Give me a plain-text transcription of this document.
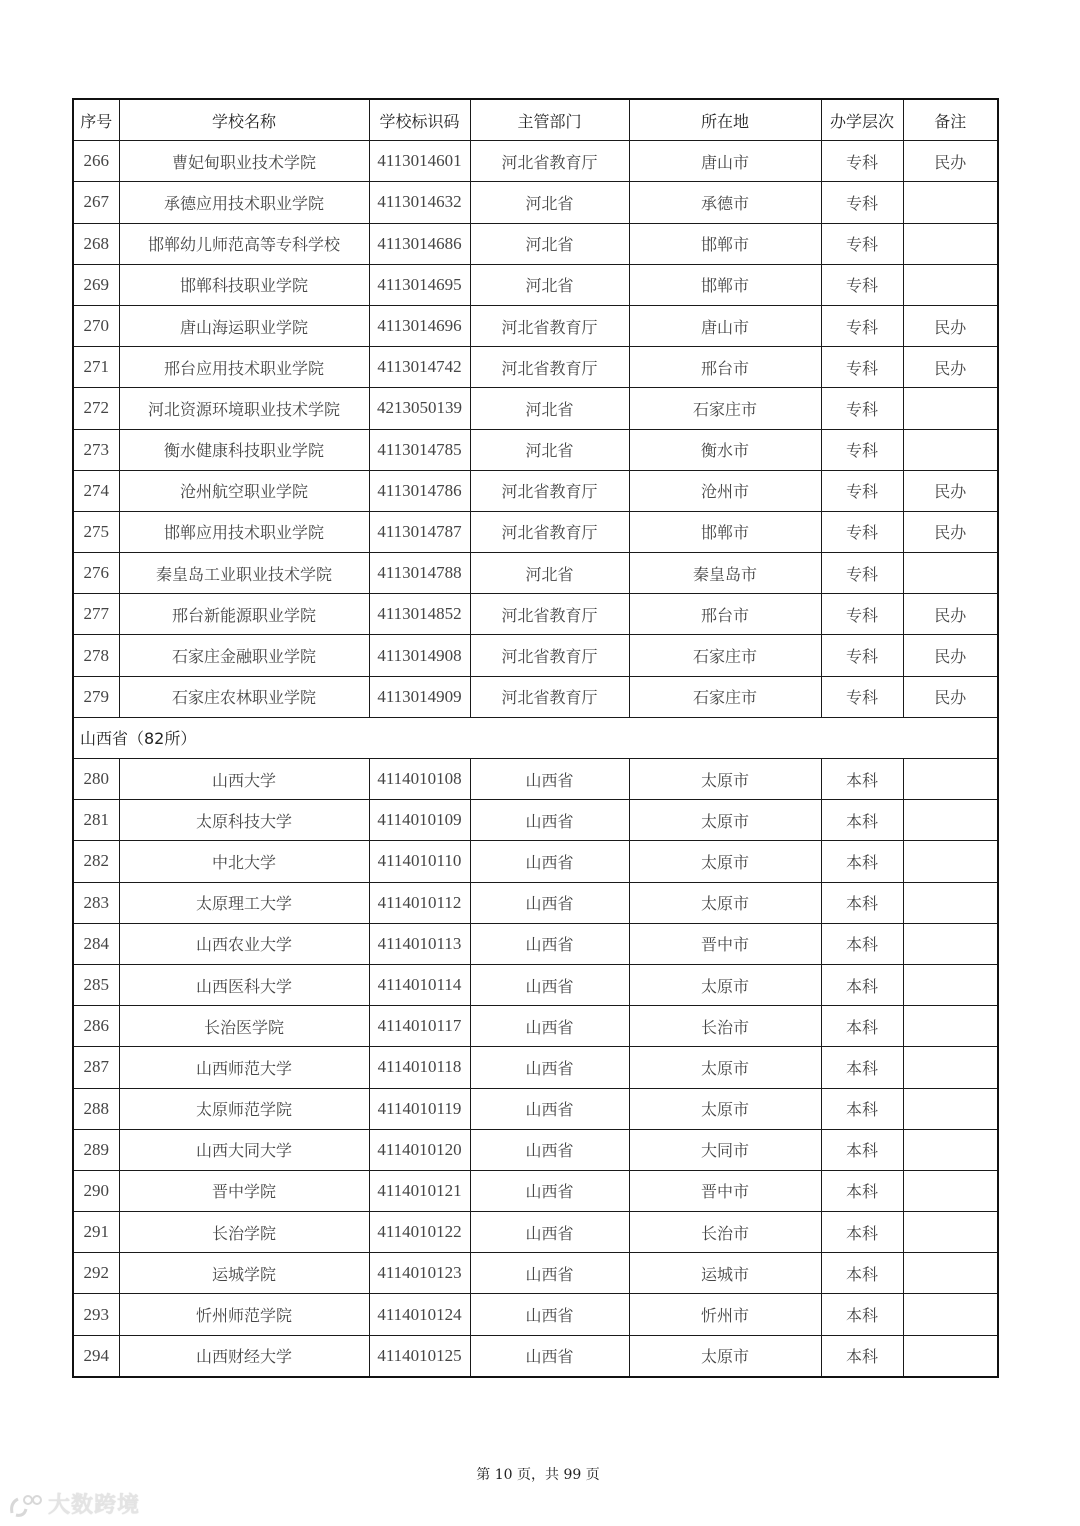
序号	学校名称	学校标识码	主管部门	所在地	办学层次	备注
266	曹妃甸职业技术学院	4113014601	河北省教育厅	唐山市	专科	民办
267	承德应用技术职业学院	4113014632	河北省	承德市	专科	
268	邯郸幼儿师范高等专科学校	4113014686	河北省	邯郸市	专科	
269	邯郸科技职业学院	4113014695	河北省	邯郸市	专科	
270	唐山海运职业学院	4113014696	河北省教育厅	唐山市	专科	民办
271	邢台应用技术职业学院	4113014742	河北省教育厅	邢台市	专科	民办
272	河北资源环境职业技术学院	4213050139	河北省	石家庄市	专科	
273	衡水健康科技职业学院	4113014785	河北省	衡水市	专科	
274	沧州航空职业学院	4113014786	河北省教育厅	沧州市	专科	民办
275	邯郸应用技术职业学院	4113014787	河北省教育厅	邯郸市	专科	民办
276	秦皇岛工业职业技术学院	4113014788	河北省	秦皇岛市	专科	
277	邢台新能源职业学院	4113014852	河北省教育厅	邢台市	专科	民办
278	石家庄金融职业学院	4113014908	河北省教育厅	石家庄市	专科	民办
279	石家庄农林职业学院	4113014909	河北省教育厅	石家庄市	专科	民办
山西省（82所）						
280	山西大学	4114010108	山西省	太原市	本科	
281	太原科技大学	4114010109	山西省	太原市	本科	
282	中北大学	4114010110	山西省	太原市	本科	
283	太原理工大学	4114010112	山西省	太原市	本科	
284	山西农业大学	4114010113	山西省	晋中市	本科	
285	山西医科大学	4114010114	山西省	太原市	本科	
286	长治医学院	4114010117	山西省	长治市	本科	
287	山西师范大学	4114010118	山西省	太原市	本科	
288	太原师范学院	4114010119	山西省	太原市	本科	
289	山西大同大学	4114010120	山西省	大同市	本科	
290	晋中学院	4114010121	山西省	晋中市	本科	
291	长治学院	4114010122	山西省	长治市	本科	
292	运城学院	4114010123	山西省	运城市	本科	
293	忻州师范学院	4114010124	山西省	忻州市	本科	
294	山西财经大学	4114010125	山西省	太原市	本科	
第 10 页，共 99 页
大数跨境
